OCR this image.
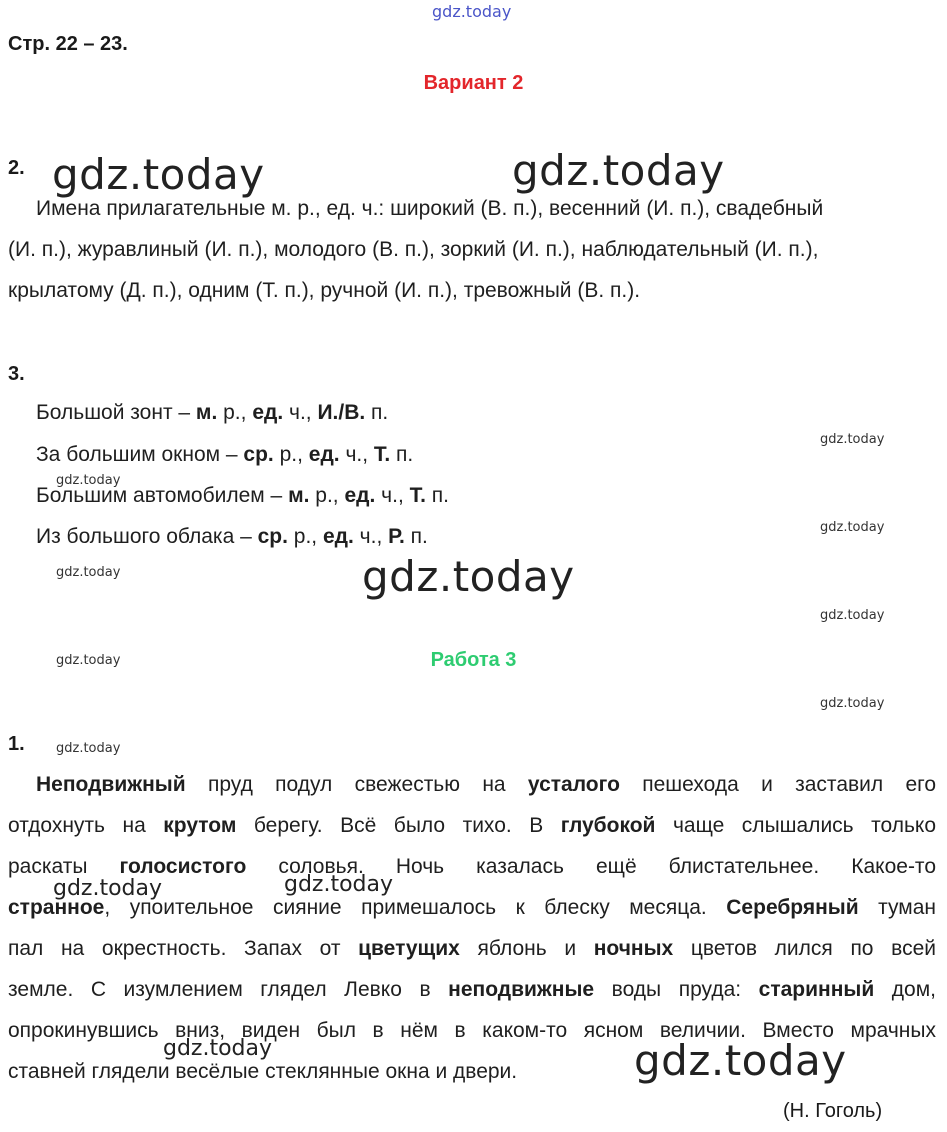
gdz.today
gdz.today	gdz.today
gdz.today
gdz.today
gdz.today	gdz.today
gdz.today
gdz.today
gdz.today
gdz.today
gdz.today
gdz.today
gdz.today
gdz.today
gdz.today
Стр. 22 – 23.
Вариант 2
2.
Имена прилагательные м. р., ед. ч.: широкий (В. п.), весенний (И. п.), свадебный
(И. п.), журавлиный (И. п.), молодого (В. п.), зоркий (И. п.), наблюдательный (И. п.),
крылатому (Д. п.), одним (Т. п.), ручной (И. п.), тревожный (В. п.).
3.
Большой зонт – м. р., ед. ч., И./В. п.
За большим окном – ср. р., ед. ч., Т. п.
Большим автомобилем – м. р., ед. ч., Т. п.
Из большого облака – ср. р., ед. ч., Р. п.
Работа 3
1.
Неподвижный пруд подул свежестью на усталого пешехода и заставил его
отдохнуть на крутом берегу. Всё было тихо. В глубокой чаще слышались только
раскаты голосистого соловья. Ночь казалась ещё блистательнее. Какое-то
странное, упоительное сияние примешалось к блеску месяца. Серебряный туман
пал на окрестность. Запах от цветущих яблонь и ночных цветов лился по всей
земле. С изумлением глядел Левко в неподвижные воды пруда: старинный дом,
опрокинувшись вниз, виден был в нём в каком-то ясном величии. Вместо мрачных
ставней глядели весёлые стеклянные окна и двери.
(Н. Гоголь)
